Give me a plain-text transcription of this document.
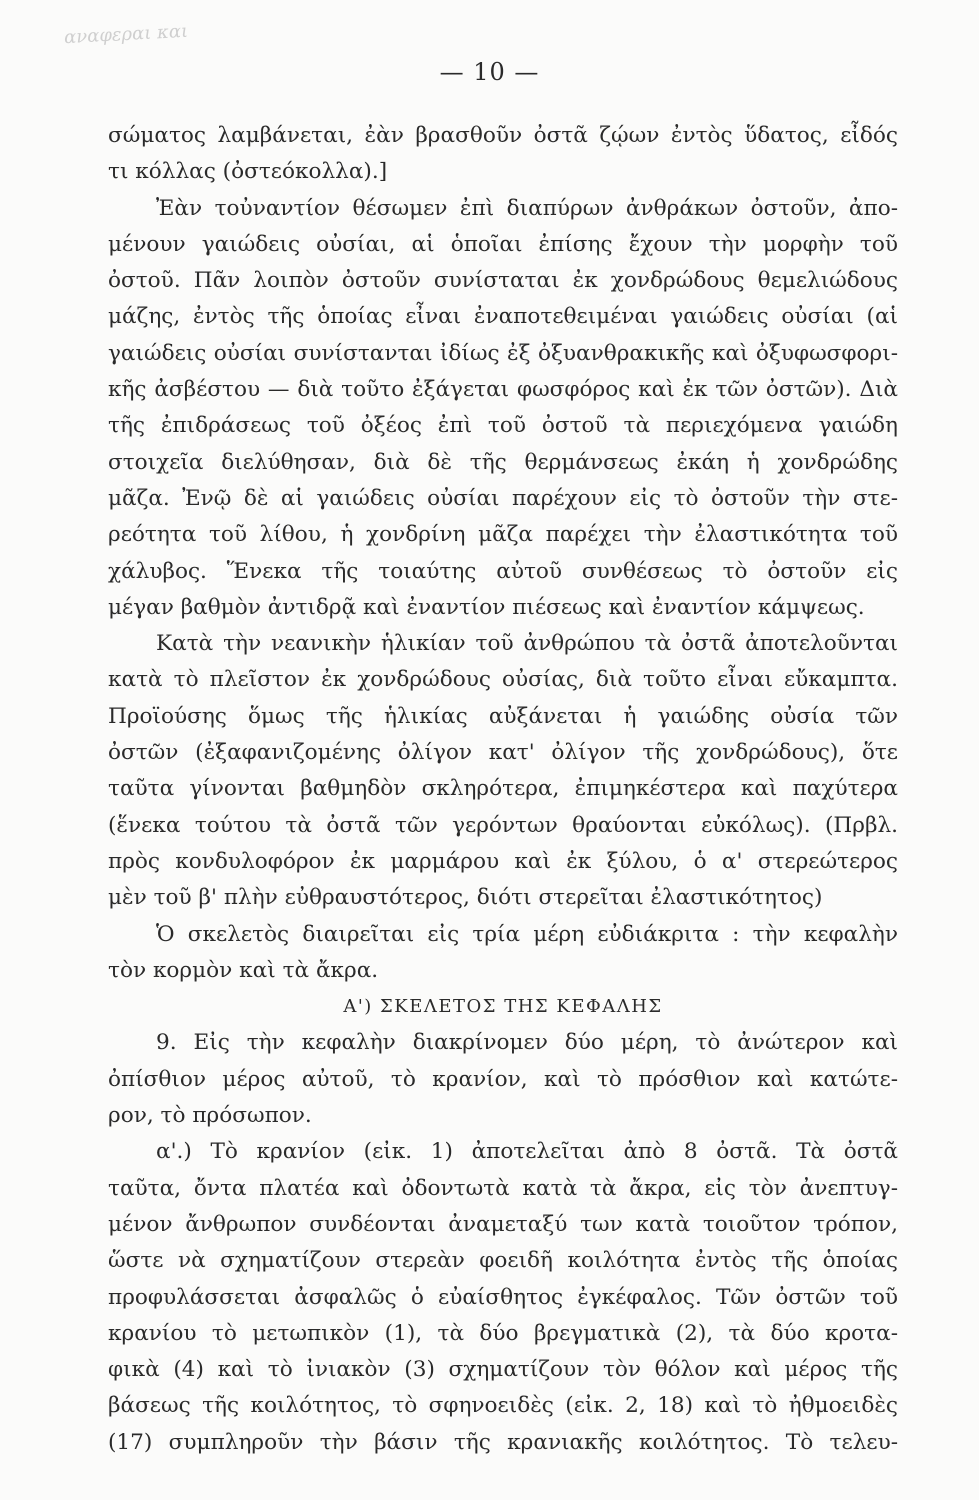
αναφεραι και
— 10 —
σώματος λαμβάνεται, ἐὰν βρασθοῦν ὀστᾶ ζῴων ἐντὸς ὕδατος, εἶδός
τι κόλλας (ὀστεόκολλα).]
Ἐὰν τοὐναντίον θέσωμεν ἐπὶ διαπύρων ἀνθράκων ὀστοῦν, ἀπο-
μένουν γαιώδεις οὐσίαι, αἱ ὁποῖαι ἐπίσης ἔχουν τὴν μορφὴν τοῦ
ὀστοῦ. Πᾶν λοιπὸν ὀστοῦν συνίσταται ἐκ χονδρώδους θεμελιώδους
μάζης, ἐντὸς τῆς ὁποίας εἶναι ἐναποτεθειμέναι γαιώδεις οὐσίαι (αἱ
γαιώδεις οὐσίαι συνίστανται ἰδίως ἐξ ὀξυανθρακικῆς καὶ ὀξυφωσφορι-
κῆς ἀσβέστου — διὰ τοῦτο ἐξάγεται φωσφόρος καὶ ἐκ τῶν ὀστῶν). Διὰ
τῆς ἐπιδράσεως τοῦ ὀξέος ἐπὶ τοῦ ὀστοῦ τὰ περιεχόμενα γαιώδη
στοιχεῖα διελύθησαν, διὰ δὲ τῆς θερμάνσεως ἐκάη ἡ χονδρώδης
μᾶζα. Ἐνῷ δὲ αἱ γαιώδεις οὐσίαι παρέχουν εἰς τὸ ὀστοῦν τὴν στε-
ρεότητα τοῦ λίθου, ἡ χονδρίνη μᾶζα παρέχει τὴν ἐλαστικότητα τοῦ
χάλυβος. Ἕνεκα τῆς τοιαύτης αὐτοῦ συνθέσεως τὸ ὀστοῦν εἰς
μέγαν βαθμὸν ἀντιδρᾷ καὶ ἐναντίον πιέσεως καὶ ἐναντίον κάμψεως.
Κατὰ τὴν νεανικὴν ἡλικίαν τοῦ ἀνθρώπου τὰ ὀστᾶ ἀποτελοῦνται
κατὰ τὸ πλεῖστον ἐκ χονδρώδους οὐσίας, διὰ τοῦτο εἶναι εὔκαμπτα.
Προϊούσης ὅμως τῆς ἡλικίας αὐξάνεται ἡ γαιώδης οὐσία τῶν
ὀστῶν (ἐξαφανιζομένης ὀλίγον κατ' ὀλίγον τῆς χονδρώδους), ὅτε
ταῦτα γίνονται βαθμηδὸν σκληρότερα, ἐπιμηκέστερα καὶ παχύτερα
(ἕνεκα τούτου τὰ ὀστᾶ τῶν γερόντων θραύονται εὐκόλως). (Πρβλ.
πρὸς κονδυλοφόρον ἐκ μαρμάρου καὶ ἐκ ξύλου, ὁ α' στερεώτερος
μὲν τοῦ β' πλὴν εὐθραυστότερος, διότι στερεῖται ἐλαστικότητος)
Ὁ σκελετὸς διαιρεῖται εἰς τρία μέρη εὐδιάκριτα : τὴν κεφαλὴν
τὸν κορμὸν καὶ τὰ ἄκρα.
Α') ΣΚΕΛΕΤΟΣ ΤΗΣ ΚΕΦΑΛΗΣ
9. Εἰς τὴν κεφαλὴν διακρίνομεν δύο μέρη, τὸ ἀνώτερον καὶ
ὀπίσθιον μέρος αὐτοῦ, τὸ κρανίον, καὶ τὸ πρόσθιον καὶ κατώτε-
ρον, τὸ πρόσωπον.
α'.) Τὸ κρανίον (εἰκ. 1) ἀποτελεῖται ἀπὸ 8 ὀστᾶ. Τὰ ὀστᾶ
ταῦτα, ὄντα πλατέα καὶ ὀδοντωτὰ κατὰ τὰ ἄκρα, εἰς τὸν ἀνεπτυγ-
μένον ἄνθρωπον συνδέονται ἀναμεταξύ των κατὰ τοιοῦτον τρόπον,
ὥστε νὰ σχηματίζουν στερεὰν φοειδῆ κοιλότητα ἐντὸς τῆς ὁποίας
προφυλάσσεται ἀσφαλῶς ὁ εὐαίσθητος ἐγκέφαλος. Τῶν ὀστῶν τοῦ
κρανίου τὸ μετωπικὸν (1), τὰ δύο βρεγματικὰ (2), τὰ δύο κροτα-
φικὰ (4) καὶ τὸ ἰνιακὸν (3) σχηματίζουν τὸν θόλον καὶ μέρος τῆς
βάσεως τῆς κοιλότητος, τὸ σφηνοειδὲς (εἰκ. 2, 18) καὶ τὸ ἠθμοειδὲς
(17) συμπληροῦν τὴν βάσιν τῆς κρανιακῆς κοιλότητος. Τὸ τελευ-
